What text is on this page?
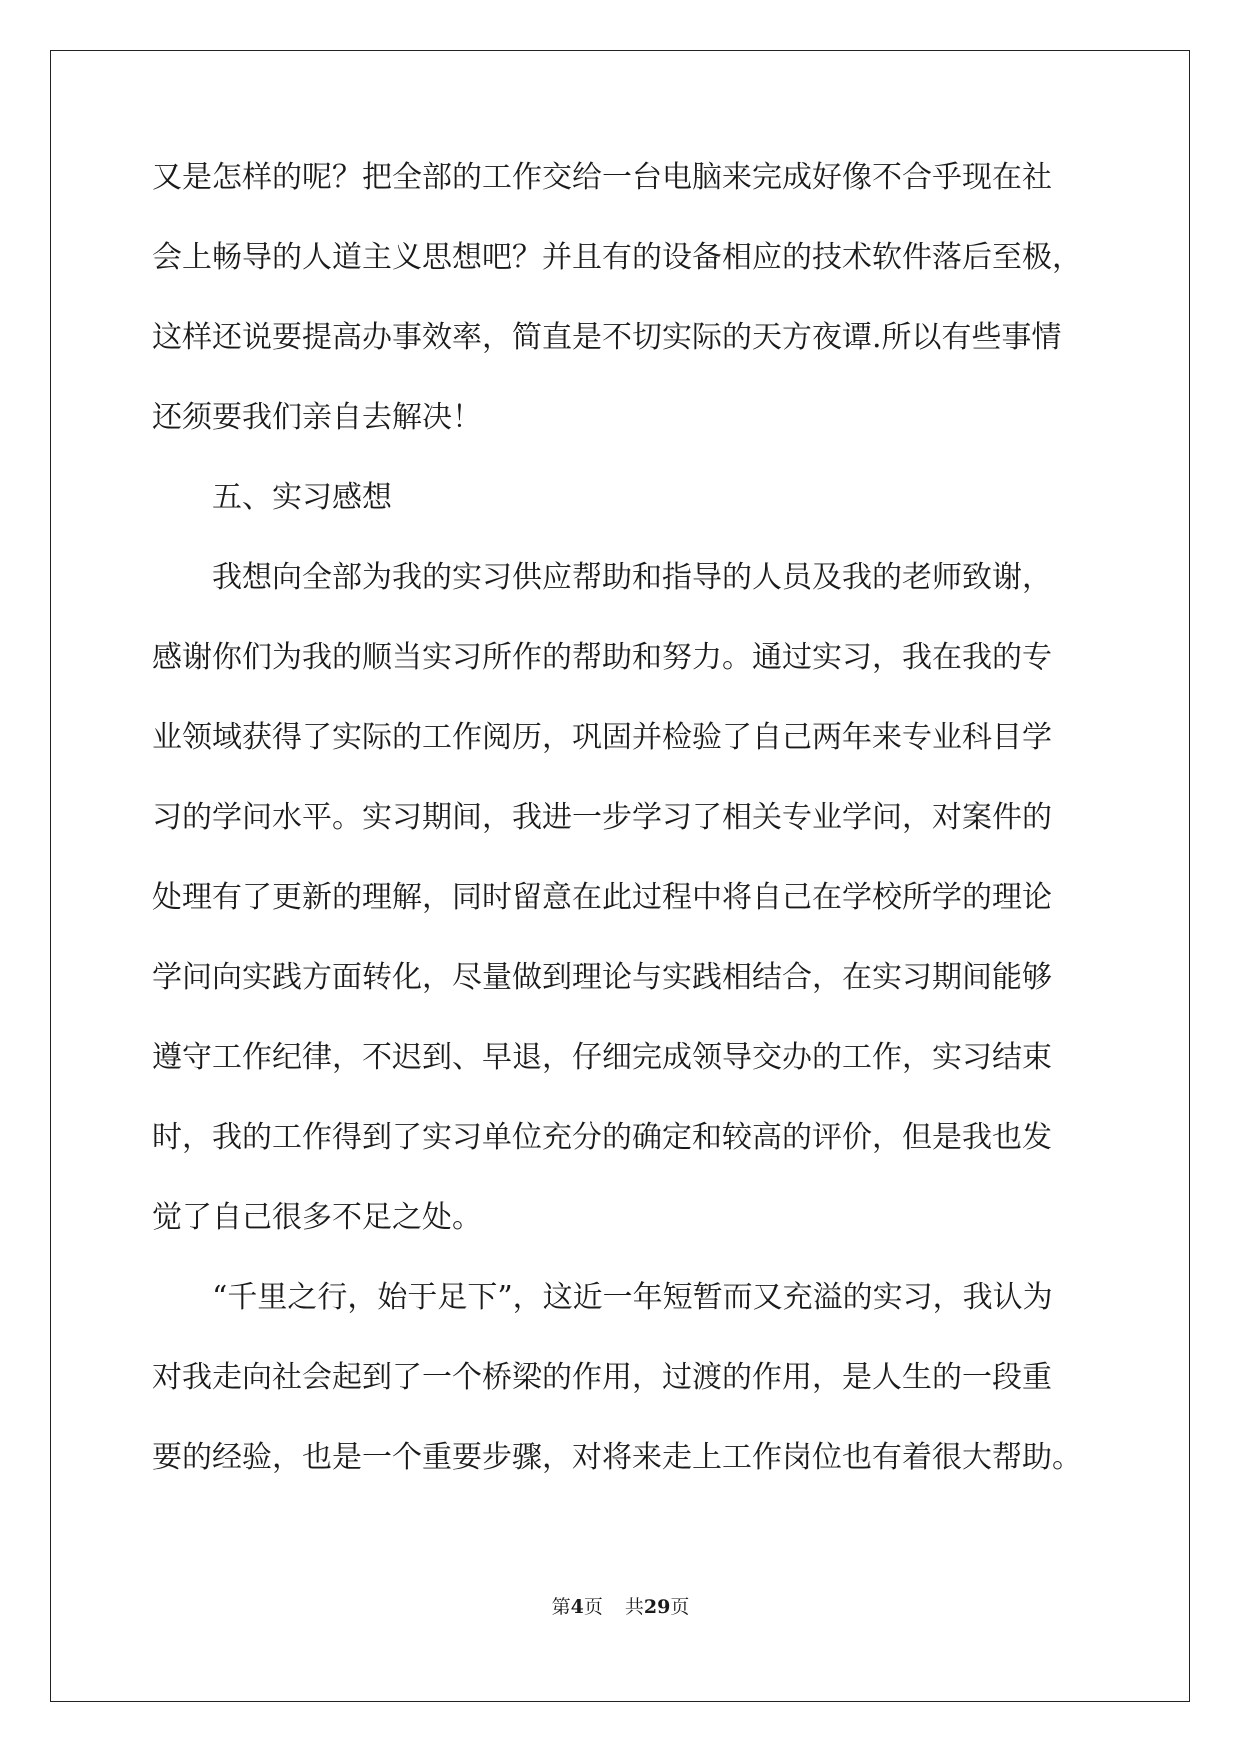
又是怎样的呢？把全部的工作交给一台电脑来完成好像不合乎现在社
会上畅导的人道主义思想吧？并且有的设备相应的技术软件落后至极，
这样还说要提高办事效率，简直是不切实际的天方夜谭.所以有些事情
还须要我们亲自去解决！
五、实习感想
我想向全部为我的实习供应帮助和指导的人员及我的老师致谢，
感谢你们为我的顺当实习所作的帮助和努力。通过实习，我在我的专
业领域获得了实际的工作阅历，巩固并检验了自己两年来专业科目学
习的学问水平。实习期间，我进一步学习了相关专业学问，对案件的
处理有了更新的理解，同时留意在此过程中将自己在学校所学的理论
学问向实践方面转化，尽量做到理论与实践相结合，在实习期间能够
遵守工作纪律，不迟到、早退，仔细完成领导交办的工作，实习结束
时，我的工作得到了实习单位充分的确定和较高的评价，但是我也发
觉了自己很多不足之处。
“千里之行，始于足下”，这近一年短暂而又充溢的实习，我认为
对我走向社会起到了一个桥梁的作用，过渡的作用，是人生的一段重
要的经验，也是一个重要步骤，对将来走上工作岗位也有着很大帮助。
第4页 共29页
